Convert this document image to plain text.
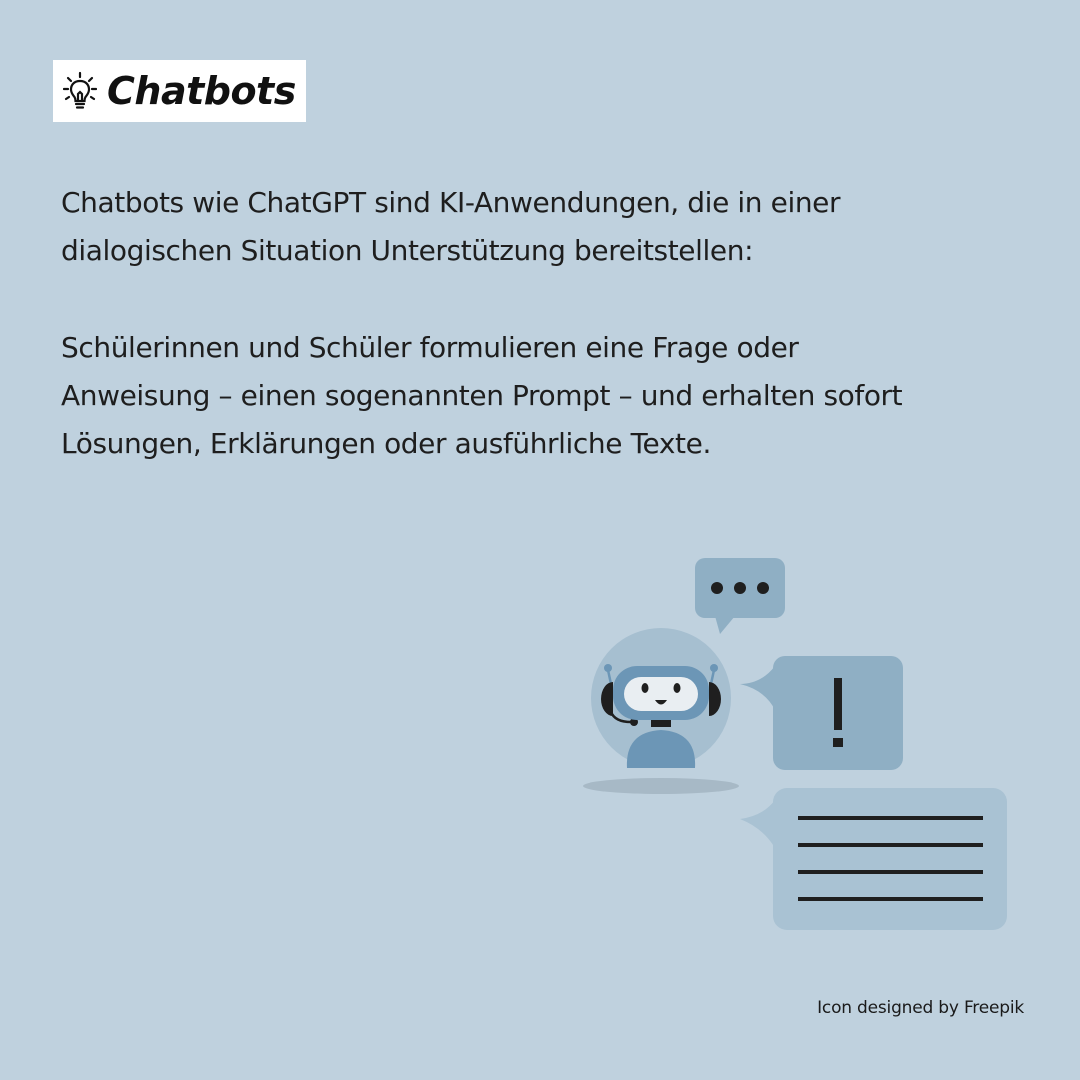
Chatbots

Chatbots wie ChatGPT sind KI-Anwendungen, die in einer
dialogischen Situation Unterstützung bereitstellen:

Schülerinnen und Schüler formulieren eine Frage oder
Anweisung – einen sogenannten Prompt – und erhalten sofort
Lösungen, Erklärungen oder ausführliche Texte.

Icon designed by Freepik
